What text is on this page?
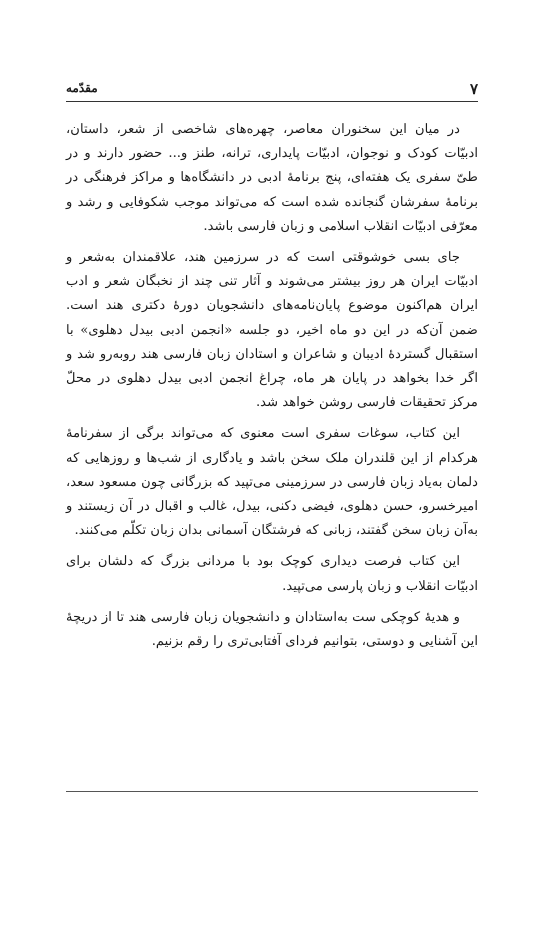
۷
مقدّمه

در میان این سخنوران معاصر، چهره‌های شاخصی از شعر، داستان، ادبیّات کودک و نوجوان، ادبیّات پایداری، ترانه، طنز و... حضور دارند و در طیّ سفری یک هفته‌ای، پنج برنامهٔ ادبی در دانشگاه‌ها و مراکز فرهنگی در برنامهٔ سفرشان گنجانده شده است که می‌تواند موجب شکوفایی و رشد و معرّفی ادبیّات انقلاب اسلامی و زبان فارسی باشد.

جای بسی خوشوقتی است که در سرزمین هند، علاقمندان به‌شعر و ادبیّات ایران هر روز بیشتر می‌شوند و آثار تنی چند از نخبگان شعر و ادب ایران هم‌اکنون موضوع پایان‌نامه‌های دانشجویان دورهٔ دکتری هند است. ضمن آن‌که در این دو ماه اخیر، دو جلسه «انجمن ادبی بیدل دهلوی» با استقبال گستردهٔ ادیبان و شاعران و استادان زبان فارسی هند روبه‌رو شد و اگر خدا بخواهد در پایان هر ماه، چراغ انجمن ادبی بیدل دهلوی در محلّ مرکز تحقیقات فارسی روشن خواهد شد.

این کتاب، سوغات سفری است معنوی که می‌تواند برگی از سفرنامهٔ هرکدام از این قلندران ملک سخن باشد و یادگاری از شب‌ها و روزهایی که دلمان به‌یاد زبان فارسی در سرزمینی می‌تپید که بزرگانی چون مسعود سعد، امیرخسرو، حسن دهلوی، فیضی دکنی، بیدل، غالب و اقبال در آن زیستند و به‌آن زبان سخن گفتند، زبانی که فرشتگان آسمانی بدان زبان تکلّم می‌کنند.

این کتاب فرصت دیداری کوچک بود با مردانی بزرگ که دلشان برای ادبیّات انقلاب و زبان پارسی می‌تپید.

و هدیهٔ کوچکی ست به‌استادان و دانشجویان زبان فارسی هند تا از دریچهٔ این آشنایی و دوستی، بتوانیم فردای آفتابی‌تری را رقم بزنیم.
